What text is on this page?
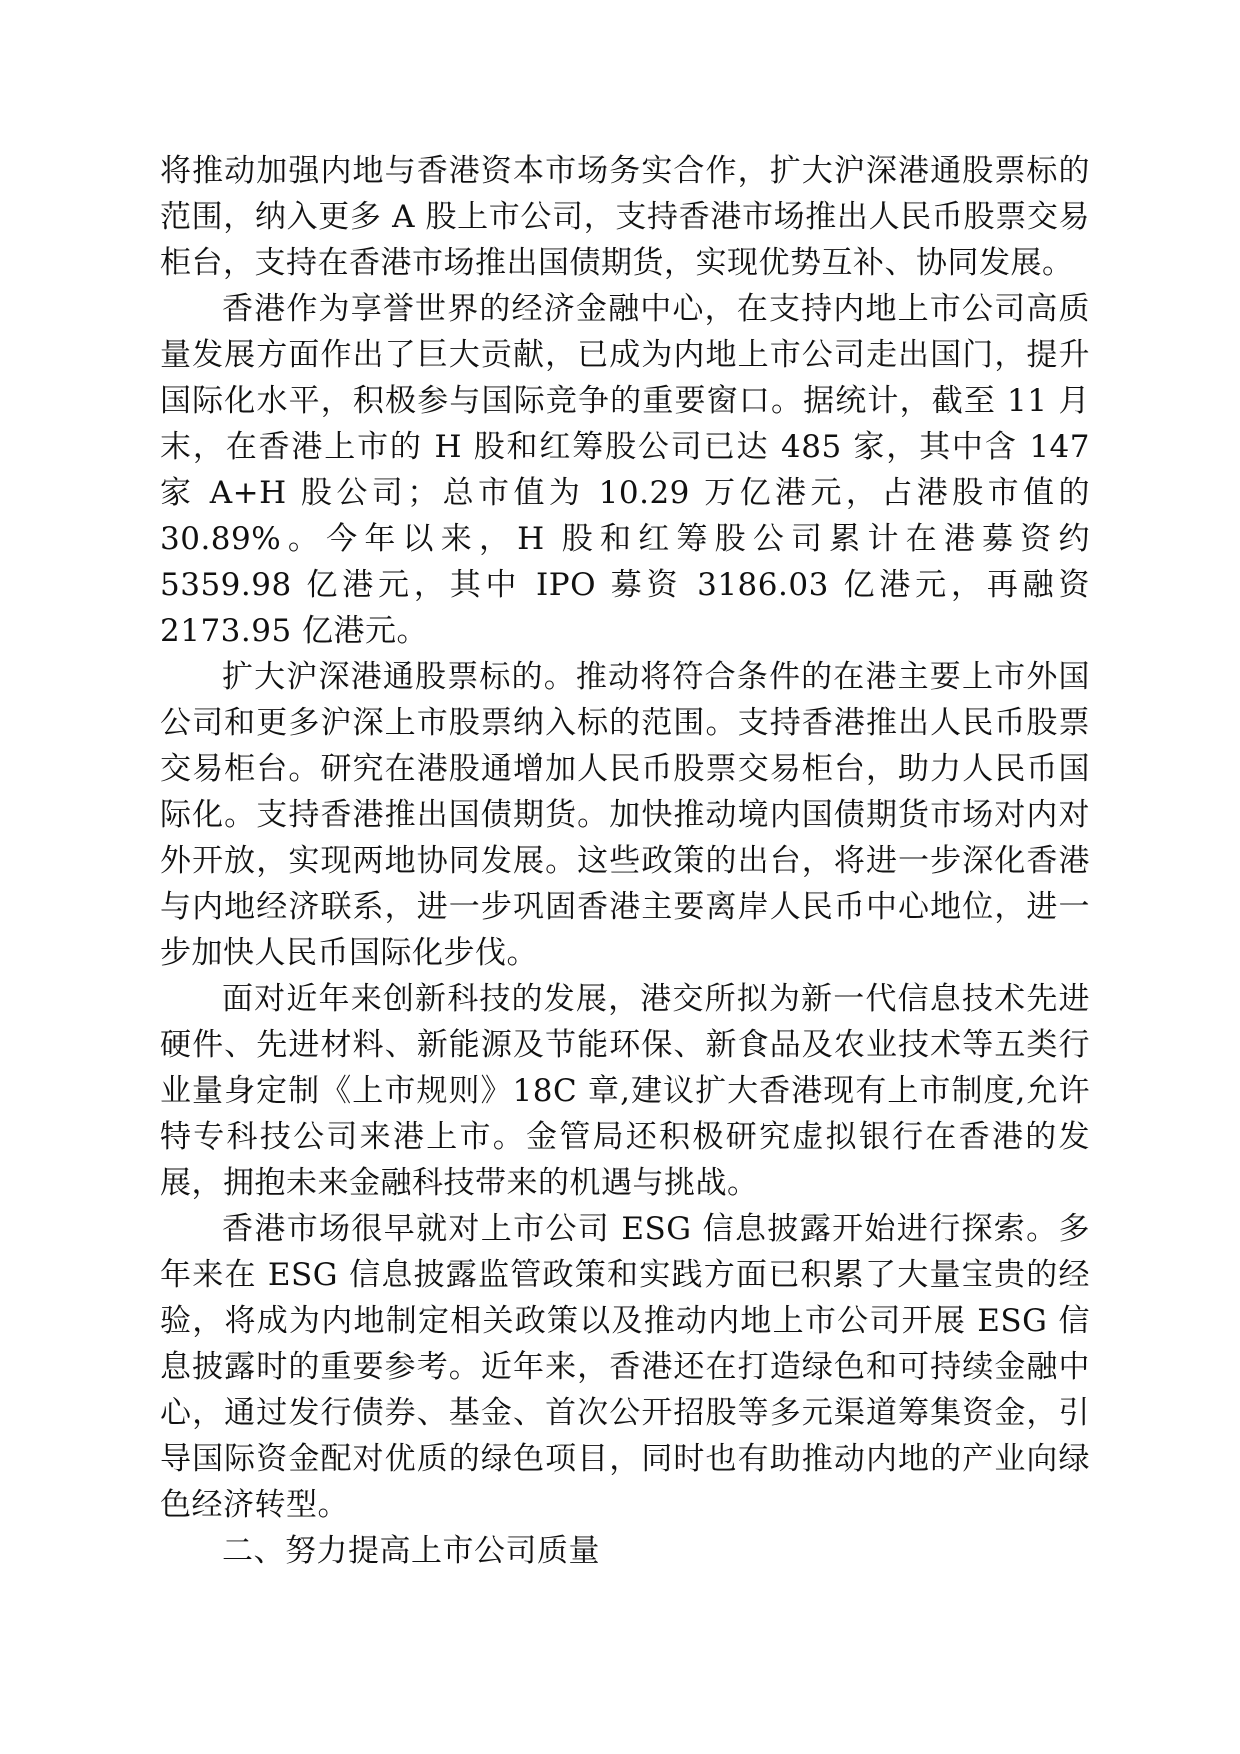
将推动加强内地与香港资本市场务实合作，扩大沪深港通股票标的范围，纳入更多 A 股上市公司，支持香港市场推出人民币股票交易柜台，支持在香港市场推出国债期货，实现优势互补、协同发展。

香港作为享誉世界的经济金融中心，在支持内地上市公司高质量发展方面作出了巨大贡献，已成为内地上市公司走出国门，提升国际化水平，积极参与国际竞争的重要窗口。据统计，截至 11 月末，在香港上市的 H 股和红筹股公司已达 485 家，其中含 147 家 A+H 股公司；总市值为 10.29 万亿港元，占港股市值的 30.89%。今年以来，H 股和红筹股公司累计在港募资约 5359.98 亿港元，其中 IPO 募资 3186.03 亿港元，再融资 2173.95 亿港元。

扩大沪深港通股票标的。推动将符合条件的在港主要上市外国公司和更多沪深上市股票纳入标的范围。支持香港推出人民币股票交易柜台。研究在港股通增加人民币股票交易柜台，助力人民币国际化。支持香港推出国债期货。加快推动境内国债期货市场对内对外开放，实现两地协同发展。这些政策的出台，将进一步深化香港与内地经济联系，进一步巩固香港主要离岸人民币中心地位，进一步加快人民币国际化步伐。

面对近年来创新科技的发展，港交所拟为新一代信息技术先进硬件、先进材料、新能源及节能环保、新食品及农业技术等五类行业量身定制《上市规则》18C 章,建议扩大香港现有上市制度,允许特专科技公司来港上市。金管局还积极研究虚拟银行在香港的发展，拥抱未来金融科技带来的机遇与挑战。

香港市场很早就对上市公司 ESG 信息披露开始进行探索。多年来在 ESG 信息披露监管政策和实践方面已积累了大量宝贵的经验，将成为内地制定相关政策以及推动内地上市公司开展 ESG 信息披露时的重要参考。近年来，香港还在打造绿色和可持续金融中心，通过发行债券、基金、首次公开招股等多元渠道筹集资金，引导国际资金配对优质的绿色项目，同时也有助推动内地的产业向绿色经济转型。

二、努力提高上市公司质量
